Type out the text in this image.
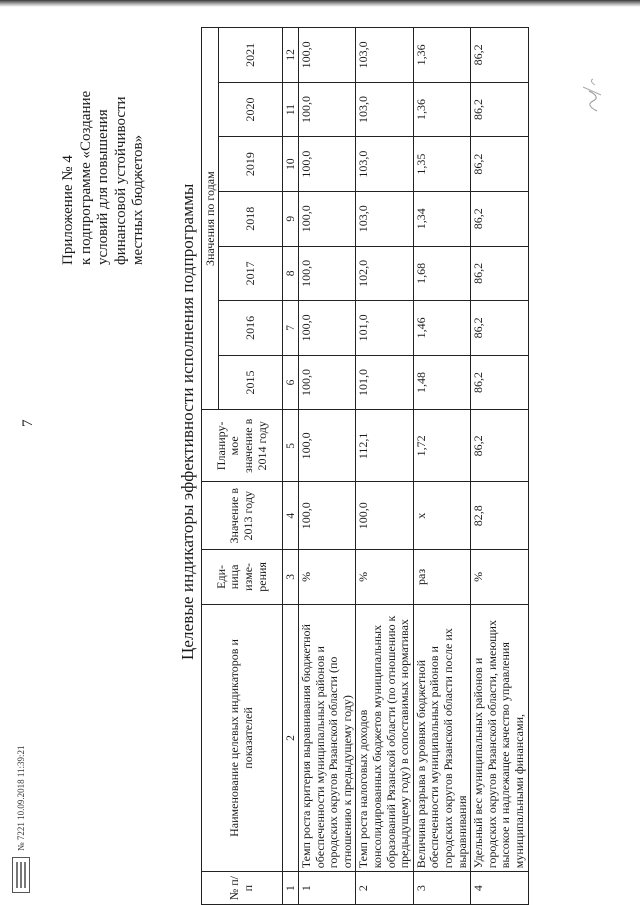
7
Приложение № 4 к подпрограмме «Создание условий для повышения финансовой устойчивости местных бюджетов» Целевые индикаторы эффективности исполнения подпрограммы
№ п/п	Наименование целевых индикаторов и показателей	Еди-ница изме-рения	Значение в 2013 году	Планиру-мое значение в 2014 году	Значения по годам						
					2015	2016	2017	2018	2019	2020	2021
1	2	3	4	5	6	7	8	9	10	11	12
1	Темп роста критерия выравнивания бюджетной обеспеченности муниципальных районов и городских округов Рязанской области (по отношению к предыдущему году)	%	100,0	100,0	100,0	100,0	100,0	100,0	100,0	100,0	100,0
2	Темп роста налоговых доходов консолидированных бюджетов муниципальных образований Рязанской области (по отношению к предыдущему году) в сопоставимых нормативах	%	100,0	112,1	101,0	101,0	102,0	103,0	103,0	103,0	103,0
3	Величина разрыва в уровнях бюджетной обеспеченности муниципальных районов и городских округов Рязанской области после их выравнивания	раз	х	1,72	1,48	1,46	1,68	1,34	1,35	1,36	1,36
4	Удельный вес муниципальных районов и городских округов Рязанской области, имеющих высокое и надлежащее качество управления муниципальными финансами,	%	82,8	86,2	86,2	86,2	86,2	86,2	86,2	86,2	86,2
№ 7221 10.09.2018 11:39:21
